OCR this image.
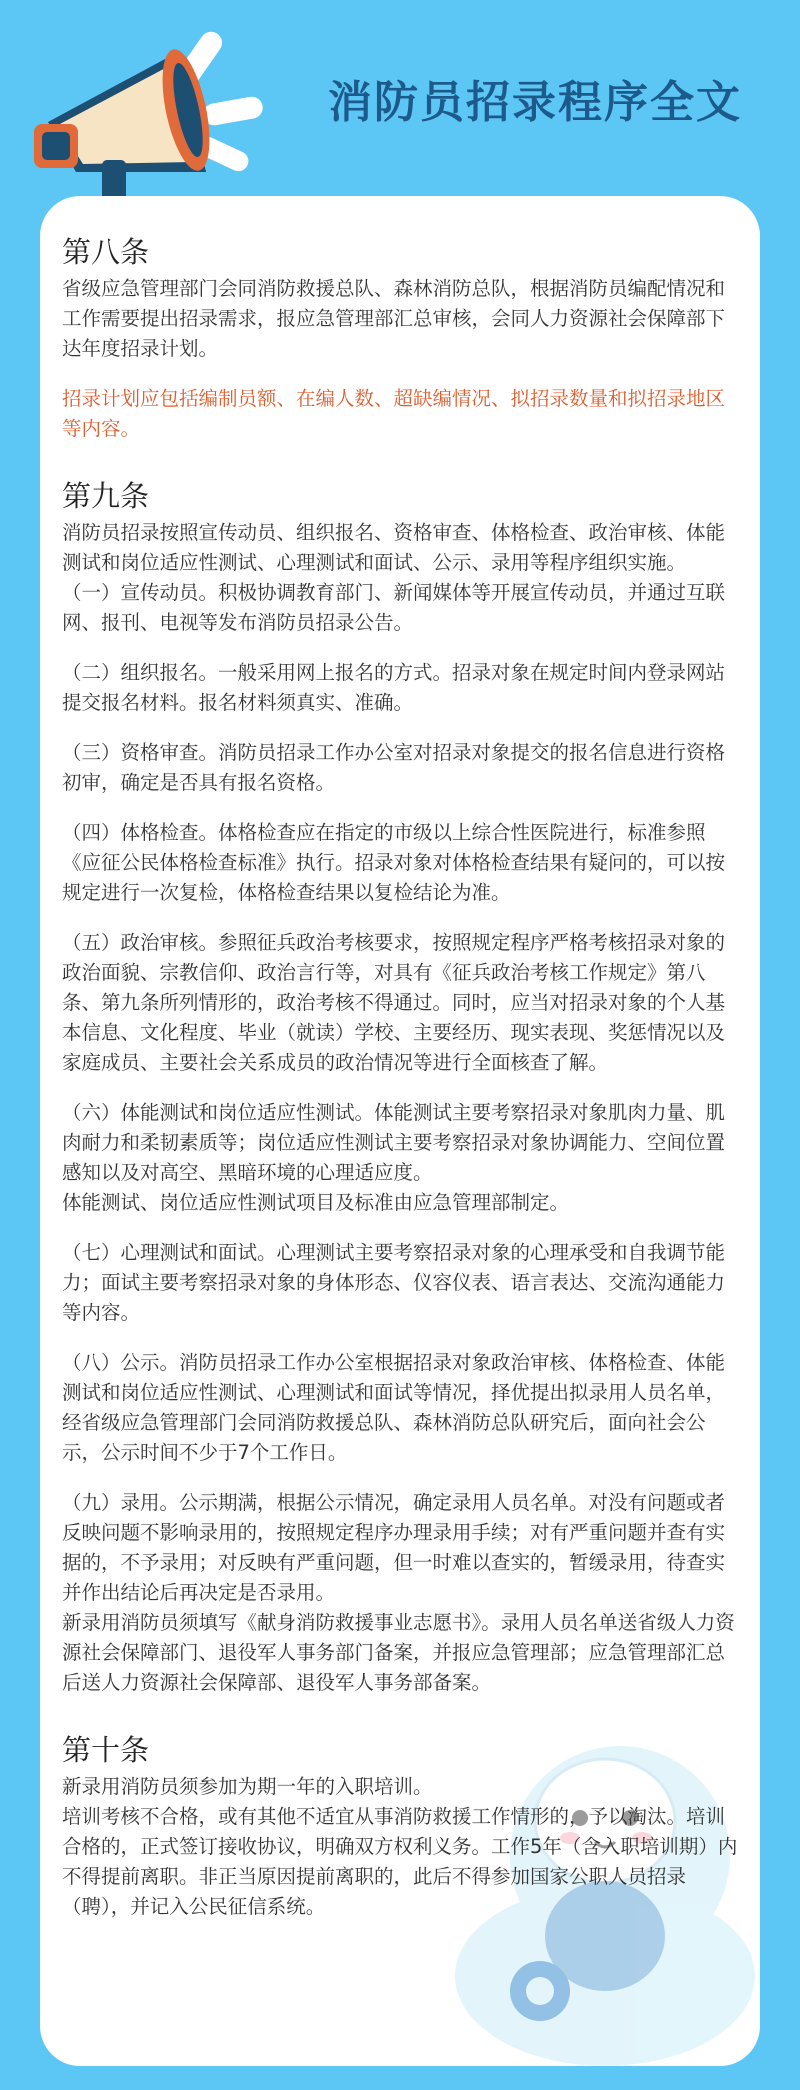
消防员招录程序全文
第八条

省级应急管理部门会同消防救援总队、森林消防总队，根据消防员编配情况和工作需要提出招录需求，报应急管理部汇总审核，会同人力资源社会保障部下达年度招录计划。

招录计划应包括编制员额、在编人数、超缺编情况、拟招录数量和拟招录地区等内容。

第九条

消防员招录按照宣传动员、组织报名、资格审查、体格检查、政治审核、体能测试和岗位适应性测试、心理测试和面试、公示、录用等程序组织实施。

（一）宣传动员。积极协调教育部门、新闻媒体等开展宣传动员，并通过互联网、报刊、电视等发布消防员招录公告。

（二）组织报名。一般采用网上报名的方式。招录对象在规定时间内登录网站提交报名材料。报名材料须真实、准确。

（三）资格审查。消防员招录工作办公室对招录对象提交的报名信息进行资格初审，确定是否具有报名资格。

（四）体格检查。体格检查应在指定的市级以上综合性医院进行，标准参照《应征公民体格检查标准》执行。招录对象对体格检查结果有疑问的，可以按规定进行一次复检，体格检查结果以复检结论为准。

（五）政治审核。参照征兵政治考核要求，按照规定程序严格考核招录对象的政治面貌、宗教信仰、政治言行等，对具有《征兵政治考核工作规定》第八条、第九条所列情形的，政治考核不得通过。同时，应当对招录对象的个人基本信息、文化程度、毕业（就读）学校、主要经历、现实表现、奖惩情况以及家庭成员、主要社会关系成员的政治情况等进行全面核查了解。

（六）体能测试和岗位适应性测试。体能测试主要考察招录对象肌肉力量、肌肉耐力和柔韧素质等；岗位适应性测试主要考察招录对象协调能力、空间位置感知以及对高空、黑暗环境的心理适应度。

体能测试、岗位适应性测试项目及标准由应急管理部制定。

（七）心理测试和面试。心理测试主要考察招录对象的心理承受和自我调节能力；面试主要考察招录对象的身体形态、仪容仪表、语言表达、交流沟通能力等内容。

（八）公示。消防员招录工作办公室根据招录对象政治审核、体格检查、体能测试和岗位适应性测试、心理测试和面试等情况，择优提出拟录用人员名单，经省级应急管理部门会同消防救援总队、森林消防总队研究后，面向社会公示，公示时间不少于7个工作日。

（九）录用。公示期满，根据公示情况，确定录用人员名单。对没有问题或者反映问题不影响录用的，按照规定程序办理录用手续；对有严重问题并查有实据的，不予录用；对反映有严重问题，但一时难以查实的，暂缓录用，待查实并作出结论后再决定是否录用。

新录用消防员须填写《献身消防救援事业志愿书》。录用人员名单送省级人力资源社会保障部门、退役军人事务部门备案，并报应急管理部；应急管理部汇总后送人力资源社会保障部、退役军人事务部备案。

第十条

新录用消防员须参加为期一年的入职培训。

培训考核不合格，或有其他不适宜从事消防救援工作情形的，予以淘汰。培训合格的，正式签订接收协议，明确双方权利义务。工作5年（含入职培训期）内不得提前离职。非正当原因提前离职的，此后不得参加国家公职人员招录（聘），并记入公民征信系统。
